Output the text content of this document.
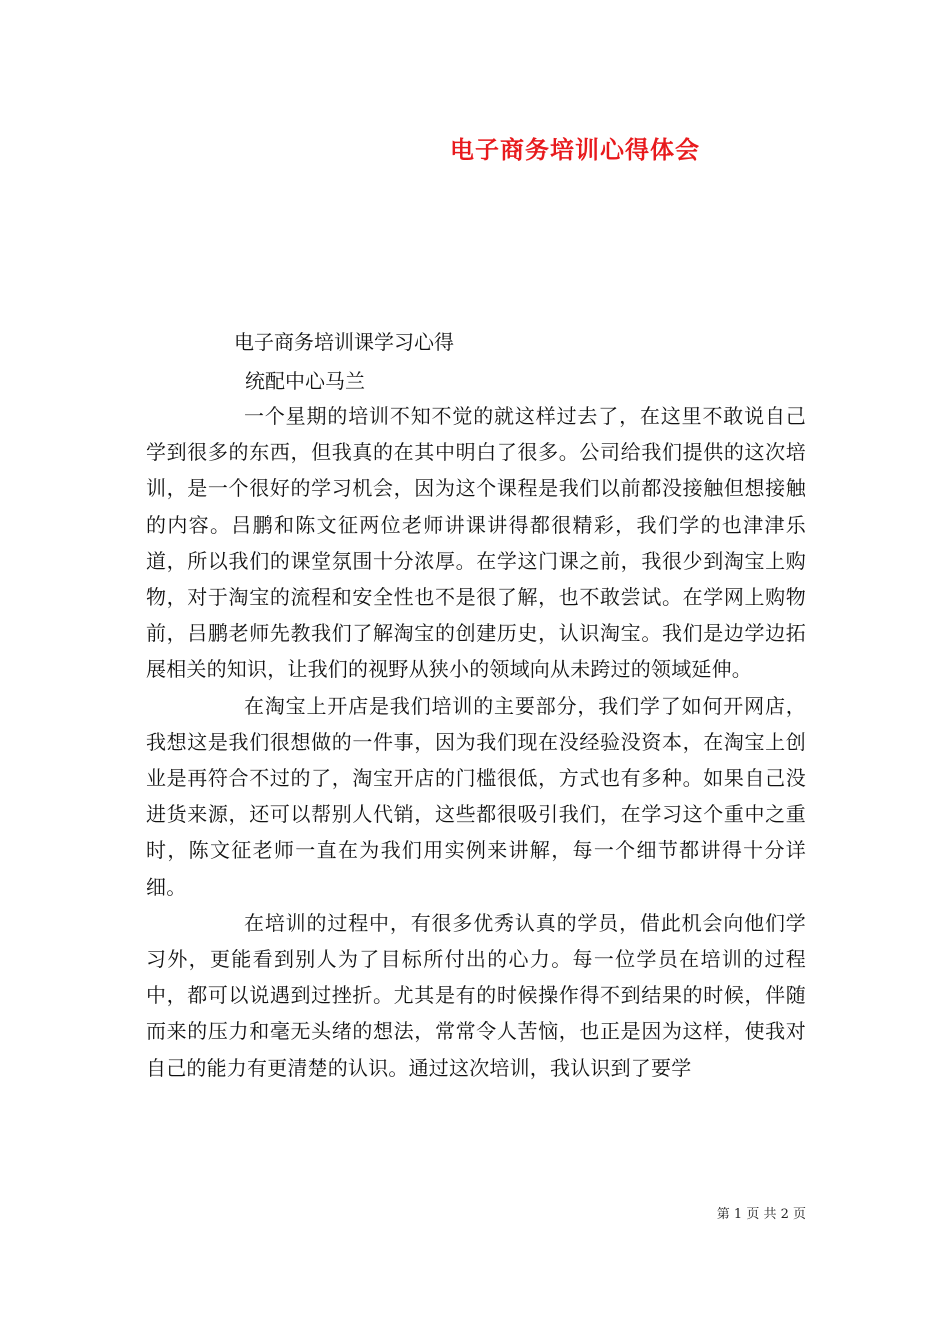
电子商务培训心得体会
电子商务培训课学习心得
统配中心马兰

一个星期的培训不知不觉的就这样过去了，在这里不敢说自己学到很多的东西，但我真的在其中明白了很多。公司给我们提供的这次培训，是一个很好的学习机会，因为这个课程是我们以前都没接触但想接触的内容。吕鹏和陈文征两位老师讲课讲得都很精彩，我们学的也津津乐道，所以我们的课堂氛围十分浓厚。在学这门课之前，我很少到淘宝上购物，对于淘宝的流程和安全性也不是很了解，也不敢尝试。在学网上购物前，吕鹏老师先教我们了解淘宝的创建历史，认识淘宝。我们是边学边拓展相关的知识，让我们的视野从狭小的领域向从未跨过的领域延伸。

在淘宝上开店是我们培训的主要部分，我们学了如何开网店，我想这是我们很想做的一件事，因为我们现在没经验没资本，在淘宝上创业是再符合不过的了，淘宝开店的门槛很低，方式也有多种。如果自己没进货来源，还可以帮别人代销，这些都很吸引我们，在学习这个重中之重时，陈文征老师一直在为我们用实例来讲解，每一个细节都讲得十分详细。

在培训的过程中，有很多优秀认真的学员，借此机会向他们学习外，更能看到别人为了目标所付出的心力。每一位学员在培训的过程中，都可以说遇到过挫折。尤其是有的时候操作得不到结果的时候，伴随而来的压力和毫无头绪的想法，常常令人苦恼，也正是因为这样，使我对自己的能力有更清楚的认识。通过这次培训，我认识到了要学

第 1 页 共 2 页
